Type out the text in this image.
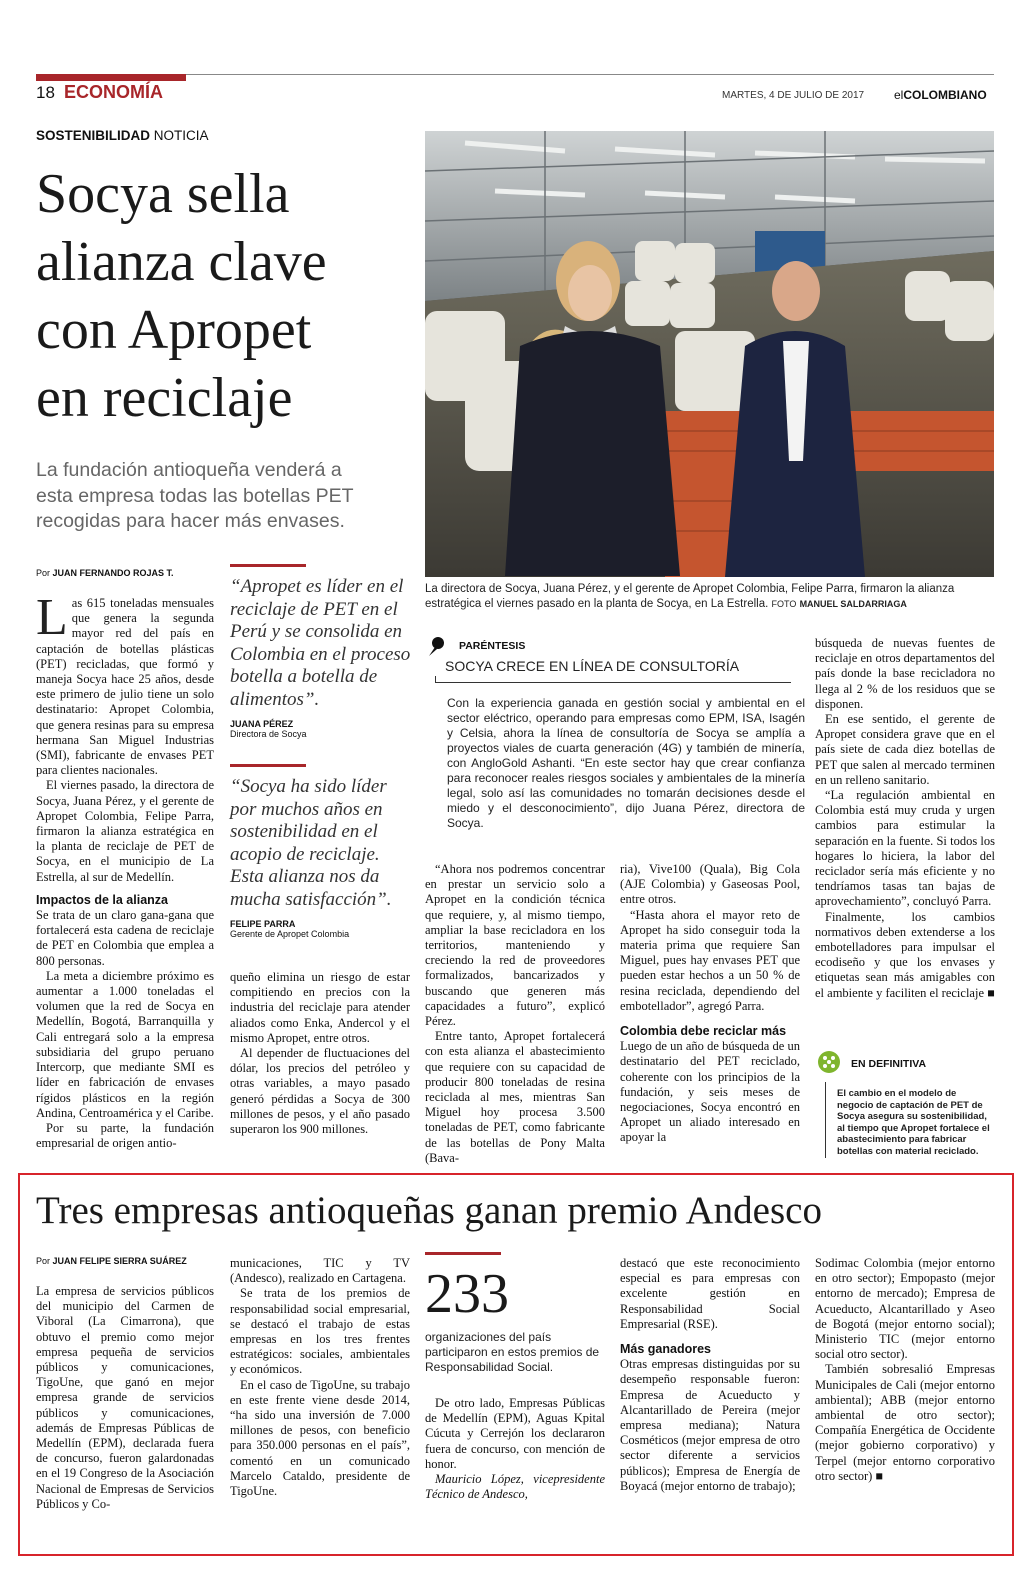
18 ECONOMÍA	MARTES, 4 DE JULIO DE 2017 elCOLOMBIANO
SOSTENIBILIDAD NOTICIA
Socya sella
alianza clave
con Apropet
en reciclaje
La fundación antioqueña venderá a
esta empresa todas las botellas PET
recogidas para hacer más envases.
La directora de Socya, Juana Pérez, y el gerente de Apropet Colombia, Felipe Parra, firmaron la alianza estratégica el viernes pasado en la planta de Socya, en La Estrella. FOTO MANUEL SALDARRIAGA
Por JUAN FERNANDO ROJAS T.

Las 615 toneladas mensuales que genera la segunda mayor red del país en captación de botellas plásticas (PET) recicladas, que formó y maneja Socya hace 25 años, desde este primero de julio tiene un solo destinatario: Apropet Colombia, que genera resinas para su empresa hermana San Miguel Industrias (SMI), fabricante de envases PET para clientes nacionales.

El viernes pasado, la directora de Socya, Juana Pérez, y el gerente de Apropet Colombia, Felipe Parra, firmaron la alianza estratégica en la planta de reciclaje de PET de Socya, en el municipio de La Estrella, al sur de Medellín.

Impactos de la alianza

Se trata de un claro gana-gana que fortalecerá esta cadena de reciclaje de PET en Colombia que emplea a 800 personas.

La meta a diciembre próximo es aumentar a 1.000 toneladas el volumen que la red de Socya en Medellín, Bogotá, Barranquilla y Cali entregará solo a la empresa subsidiaria del grupo peruano Intercorp, que mediante SMI es líder en fabricación de envases rígidos plásticos en la región Andina, Centroamérica y el Caribe.

Por su parte, la fundación empresarial de origen antio-

“Apropet es líder en el reciclaje de PET en el Perú y se consolida en Colombia en el proceso botella a botella de alimentos”.
JUANA PÉREZ
Directora de Socya
“Socya ha sido líder por muchos años en sostenibilidad en el acopio de reciclaje. Esta alianza nos da mucha satisfacción”.
FELIPE PARRA
Gerente de Apropet Colombia

queño elimina un riesgo de estar compitiendo en precios con la industria del reciclaje para atender aliados como Enka, Andercol y el mismo Apropet, entre otros.

Al depender de fluctuaciones del dólar, los precios del petróleo y otras variables, a mayo pasado generó pérdidas a Socya de 300 millones de pesos, y el año pasado superaron los 900 millones.

PARÉNTESIS
SOCYA CRECE EN LÍNEA DE CONSULTORÍA
Con la experiencia ganada en gestión social y ambiental en el sector eléctrico, operando para empresas como EPM, ISA, Isagén y Celsia, ahora la línea de consultoría de Socya se amplía a proyectos viales de cuarta generación (4G) y también de minería, con AngloGold Ashanti. “En este sector hay que crear confianza para reconocer reales riesgos sociales y ambientales de la minería legal, solo así las comunidades no tomarán decisiones desde el miedo y el desconocimiento”, dijo Juana Pérez, directora de Socya.

“Ahora nos podremos concentrar en prestar un servicio solo a Apropet en la condición técnica que requiere, y, al mismo tiempo, ampliar la base recicladora en los territorios, manteniendo y creciendo la red de proveedores formalizados, bancarizados y buscando que generen más capacidades a futuro”, explicó Pérez.

Entre tanto, Apropet fortalecerá con esta alianza el abastecimiento que requiere con su capacidad de producir 800 toneladas de resina reciclada al mes, mientras San Miguel hoy procesa 3.500 toneladas de PET, como fabricante de las botellas de Pony Malta (Bava-

ria), Vive100 (Quala), Big Cola (AJE Colombia) y Gaseosas Pool, entre otros.

“Hasta ahora el mayor reto de Apropet ha sido conseguir toda la materia prima que requiere San Miguel, pues hay envases PET que pueden estar hechos a un 50 % de resina reciclada, dependiendo del embotellador”, agregó Parra.

Colombia debe reciclar más

Luego de un año de búsqueda de un destinatario del PET reciclado, coherente con los principios de la fundación, y seis meses de negociaciones, Socya encontró en Apropet un aliado interesado en apoyar la

búsqueda de nuevas fuentes de reciclaje en otros departamentos del país donde la base recicladora no llega al 2 % de los residuos que se disponen.

En ese sentido, el gerente de Apropet considera grave que en el país siete de cada diez botellas de PET que salen al mercado terminen en un relleno sanitario.

“La regulación ambiental en Colombia está muy cruda y urgen cambios para estimular la separación en la fuente. Si todos los hogares lo hiciera, la labor del reciclador sería más eficiente y no tendríamos tasas tan bajas de aprovechamiento”, concluyó Parra.

Finalmente, los cambios normativos deben extenderse a los embotelladores para impulsar el ecodiseño y que los envases y etiquetas sean más amigables con el ambiente y faciliten el reciclaje ■

EN DEFINITIVA
El cambio en el modelo de negocio de captación de PET de Socya asegura su sostenibilidad, al tiempo que Apropet fortalece el abastecimiento para fabricar botellas con material reciclado.
Tres empresas antioqueñas ganan premio Andesco
Por JUAN FELIPE SIERRA SUÁREZ

La empresa de servicios públicos del municipio del Carmen de Viboral (La Cimarrona), que obtuvo el premio como mejor empresa pequeña de servicios públicos y comunicaciones, TigoUne, que ganó en mejor empresa grande de servicios públicos y comunicaciones, además de Empresas Públicas de Medellín (EPM), declarada fuera de concurso, fueron galardonadas en el 19 Congreso de la Asociación Nacional de Empresas de Servicios Públicos y Co-

municaciones, TIC y TV (Andesco), realizado en Cartagena.

Se trata de los premios de responsabilidad social empresarial, se destacó el trabajo de estas empresas en los tres frentes estratégicos: sociales, ambientales y económicos.

En el caso de TigoUne, su trabajo en este frente viene desde 2014, “ha sido una inversión de 7.000 millones de pesos, con beneficio para 350.000 personas en el país”, comentó en un comunicado Marcelo Cataldo, presidente de TigoUne.

233
organizaciones del país participaron en estos premios de Responsabilidad Social.

De otro lado, Empresas Públicas de Medellín (EPM), Aguas Kpital Cúcuta y Cerrejón los declararon fuera de concurso, con mención de honor.

Mauricio López, vicepresidente Técnico de Andesco,

destacó que este reconocimiento especial es para empresas con excelente gestión en Responsabilidad Social Empresarial (RSE).

Más ganadores

Otras empresas distinguidas por su desempeño responsable fueron: Empresa de Acueducto y Alcantarillado de Pereira (mejor empresa mediana); Natura Cosméticos (mejor empresa de otro sector diferente a servicios públicos); Empresa de Energía de Boyacá (mejor entorno de trabajo);

Sodimac Colombia (mejor entorno en otro sector); Empopasto (mejor entorno de mercado); Empresa de Acueducto, Alcantarillado y Aseo de Bogotá (mejor entorno social); Ministerio TIC (mejor entorno social otro sector).

También sobresalió Empresas Municipales de Cali (mejor entorno ambiental); ABB (mejor entorno ambiental de otro sector); Compañía Energética de Occidente (mejor gobierno corporativo) y Terpel (mejor entorno corporativo otro sector) ■
